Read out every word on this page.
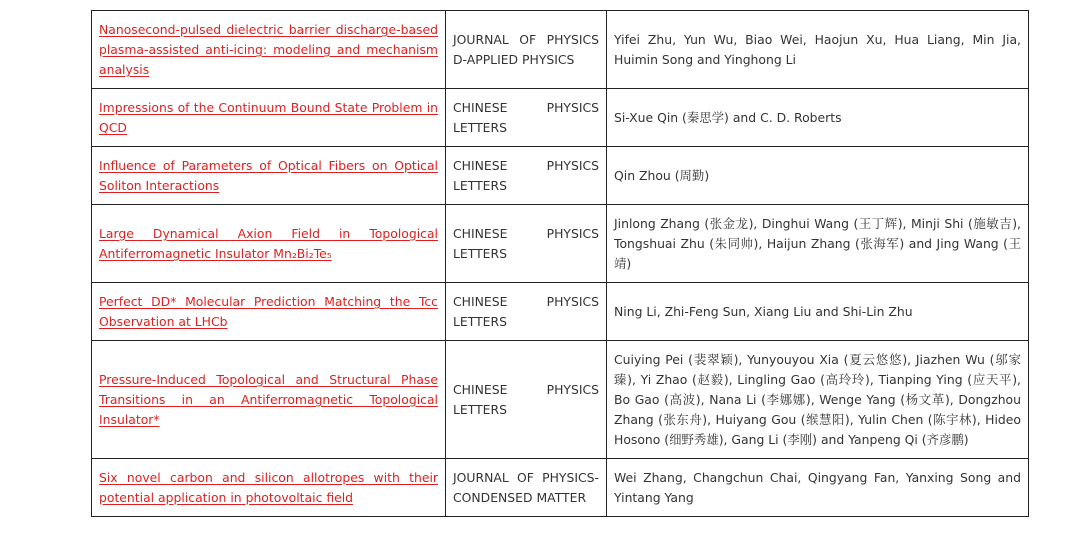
Nanosecond-pulsed dielectric barrier discharge-based plasma-assisted anti-icing: modeling and mechanism analysis	JOURNAL OF PHYSICS D-APPLIED PHYSICS	Yifei Zhu, Yun Wu, Biao Wei, Haojun Xu, Hua Liang, Min Jia, Huimin Song and Yinghong Li
Impressions of the Continuum Bound State Problem in QCD	CHINESE PHYSICS LETTERS	Si-Xue Qin (秦思学) and C. D. Roberts
Influence of Parameters of Optical Fibers on Optical Soliton Interactions	CHINESE PHYSICS LETTERS	Qin Zhou (周勤)
Large Dynamical Axion Field in Topological Antiferromagnetic Insulator Mn₂Bi₂Te₅	CHINESE PHYSICS LETTERS	Jinlong Zhang (张金龙), Dinghui Wang (王丁辉), Minji Shi (施敏吉), Tongshuai Zhu (朱同帅), Haijun Zhang (张海军) and Jing Wang (王靖)
Perfect DD* Molecular Prediction Matching the Tcc Observation at LHCb	CHINESE PHYSICS LETTERS	Ning Li, Zhi-Feng Sun, Xiang Liu and Shi-Lin Zhu
Pressure-Induced Topological and Structural Phase Transitions in an Antiferromagnetic Topological Insulator*	CHINESE PHYSICS LETTERS	Cuiying Pei (裴翠颖), Yunyouyou Xia (夏云悠悠), Jiazhen Wu (邬家臻), Yi Zhao (赵毅), Lingling Gao (高玲玲), Tianping Ying (应天平), Bo Gao (高波), Nana Li (李娜娜), Wenge Yang (杨文革), Dongzhou Zhang (张东舟), Huiyang Gou (缑慧阳), Yulin Chen (陈宇林), Hideo Hosono (细野秀雄), Gang Li (李刚) and Yanpeng Qi (齐彦鹏)
Six novel carbon and silicon allotropes with their potential application in photovoltaic field	JOURNAL OF PHYSICS-CONDENSED MATTER	Wei Zhang, Changchun Chai, Qingyang Fan, Yanxing Song and Yintang Yang
